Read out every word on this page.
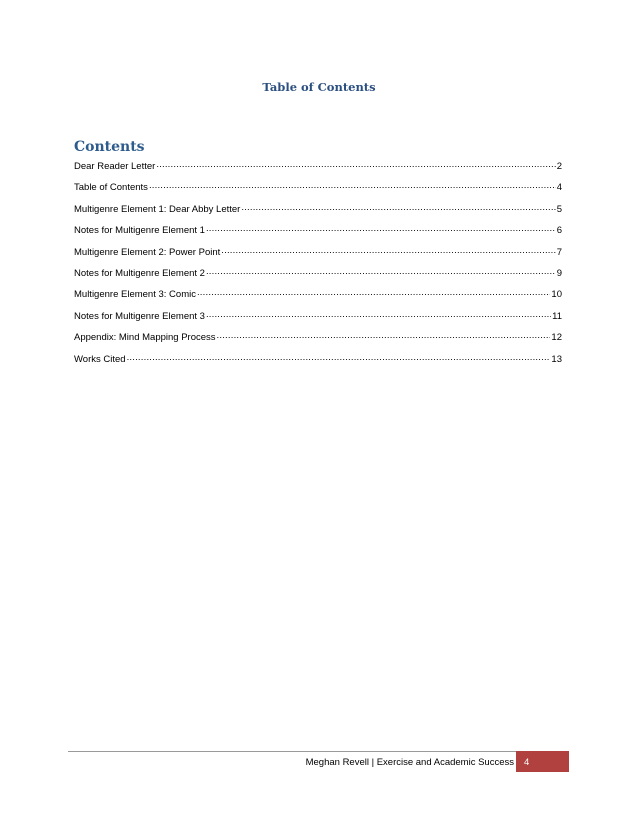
Table of Contents
Contents
Dear Reader Letter .....	2
Table of Contents .....	4
Multigenre Element 1: Dear Abby Letter .....	5
Notes for Multigenre Element 1 .....	6
Multigenre Element 2: Power Point .....	7
Notes for Multigenre Element 2 .....	9
Multigenre Element 3: Comic .....	10
Notes for Multigenre Element 3 .....	11
Appendix: Mind Mapping Process .....	12
Works Cited .....	13
Meghan Revell | Exercise and Academic Success 4
